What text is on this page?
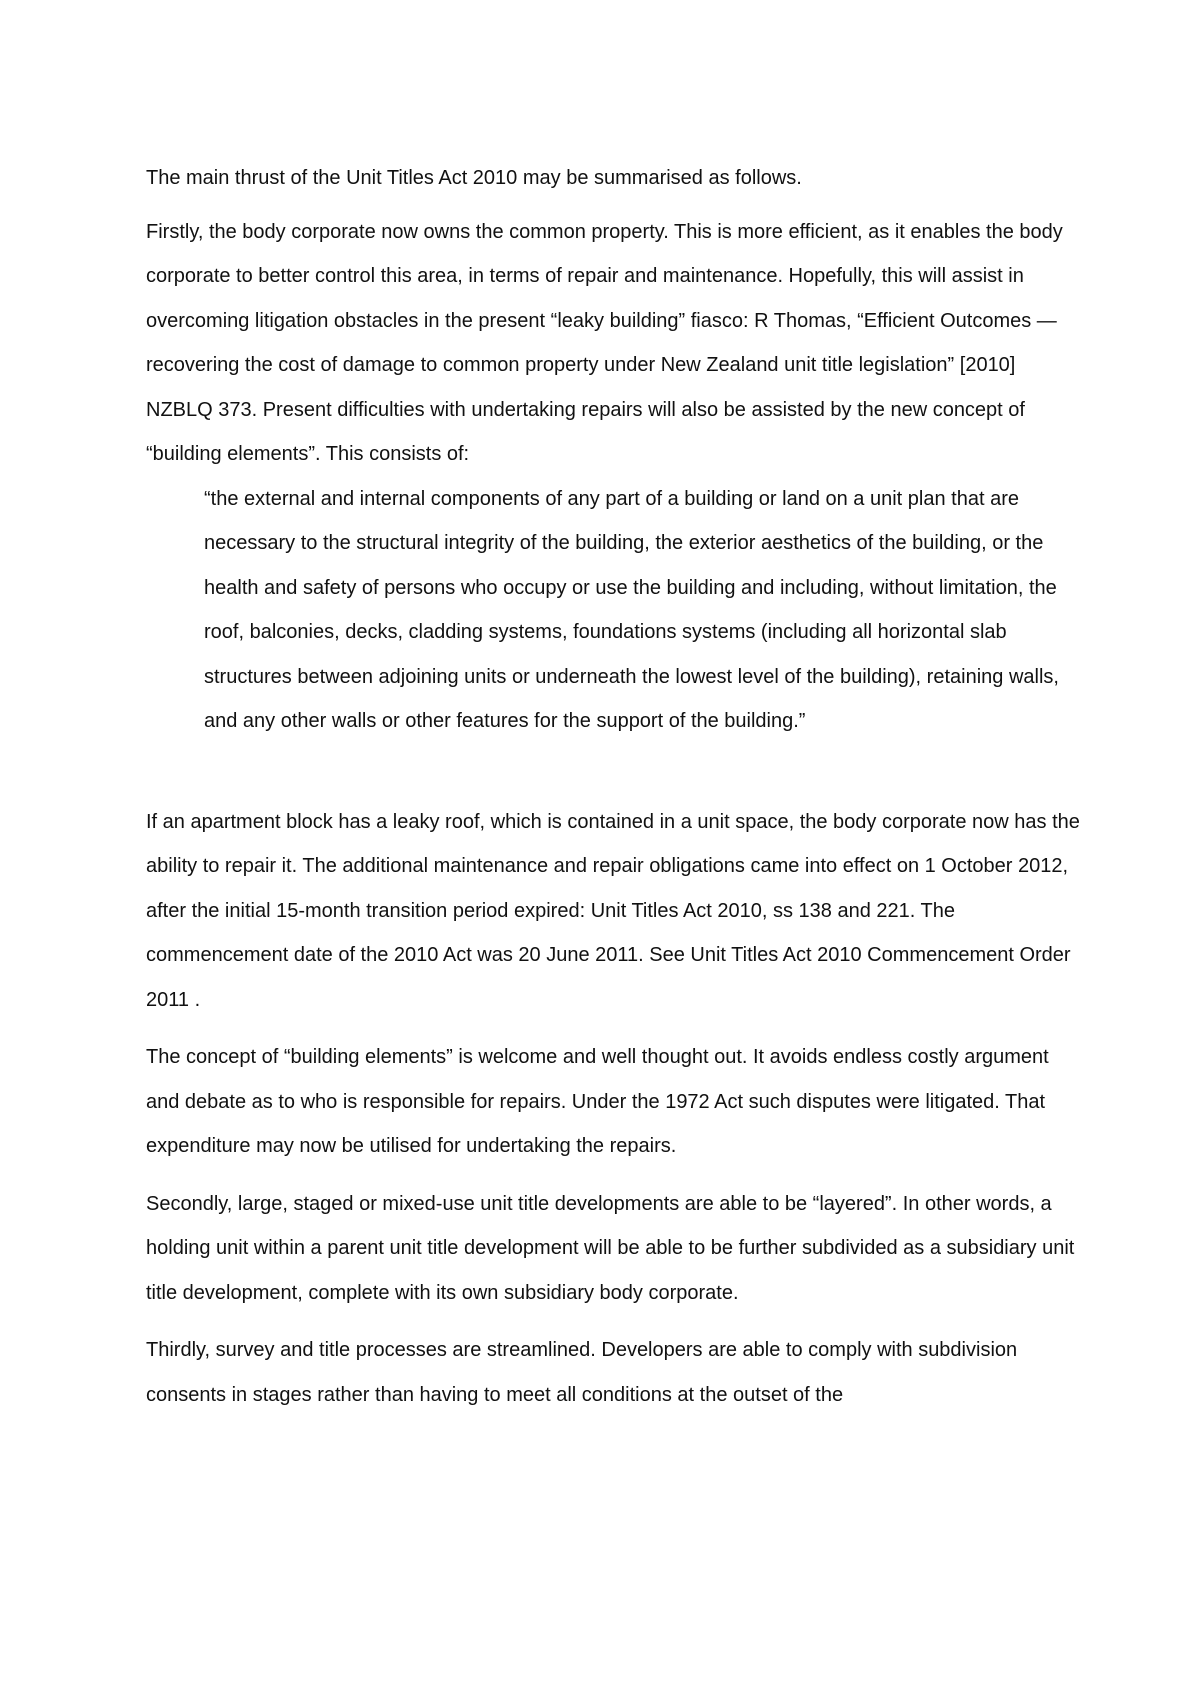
The main thrust of the Unit Titles Act 2010 may be summarised as follows.

Firstly, the body corporate now owns the common property. This is more efficient, as it enables the body corporate to better control this area, in terms of repair and maintenance. Hopefully, this will assist in overcoming litigation obstacles in the present “leaky building” fiasco: R Thomas, “Efficient Outcomes — recovering the cost of damage to common property under New Zealand unit title legislation” [2010] NZBLQ 373. Present difficulties with undertaking repairs will also be assisted by the new concept of “building elements”. This consists of:

“the external and internal components of any part of a building or land on a unit plan that are necessary to the structural integrity of the building, the exterior aesthetics of the building, or the health and safety of persons who occupy or use the building and including, without limitation, the roof, balconies, decks, cladding systems, foundations systems (including all horizontal slab structures between adjoining units or underneath the lowest level of the building), retaining walls, and any other walls or other features for the support of the building.”

If an apartment block has a leaky roof, which is contained in a unit space, the body corporate now has the ability to repair it. The additional maintenance and repair obligations came into effect on 1 October 2012, after the initial 15-month transition period expired: Unit Titles Act 2010, ss 138 and 221. The commencement date of the 2010 Act was 20 June 2011. See Unit Titles Act 2010 Commencement Order 2011 .

The concept of “building elements” is welcome and well thought out. It avoids endless costly argument and debate as to who is responsible for repairs. Under the 1972 Act such disputes were litigated. That expenditure may now be utilised for undertaking the repairs.

Secondly, large, staged or mixed-use unit title developments are able to be “layered”. In other words, a holding unit within a parent unit title development will be able to be further subdivided as a subsidiary unit title development, complete with its own subsidiary body corporate.

Thirdly, survey and title processes are streamlined. Developers are able to comply with subdivision consents in stages rather than having to meet all conditions at the outset of the
